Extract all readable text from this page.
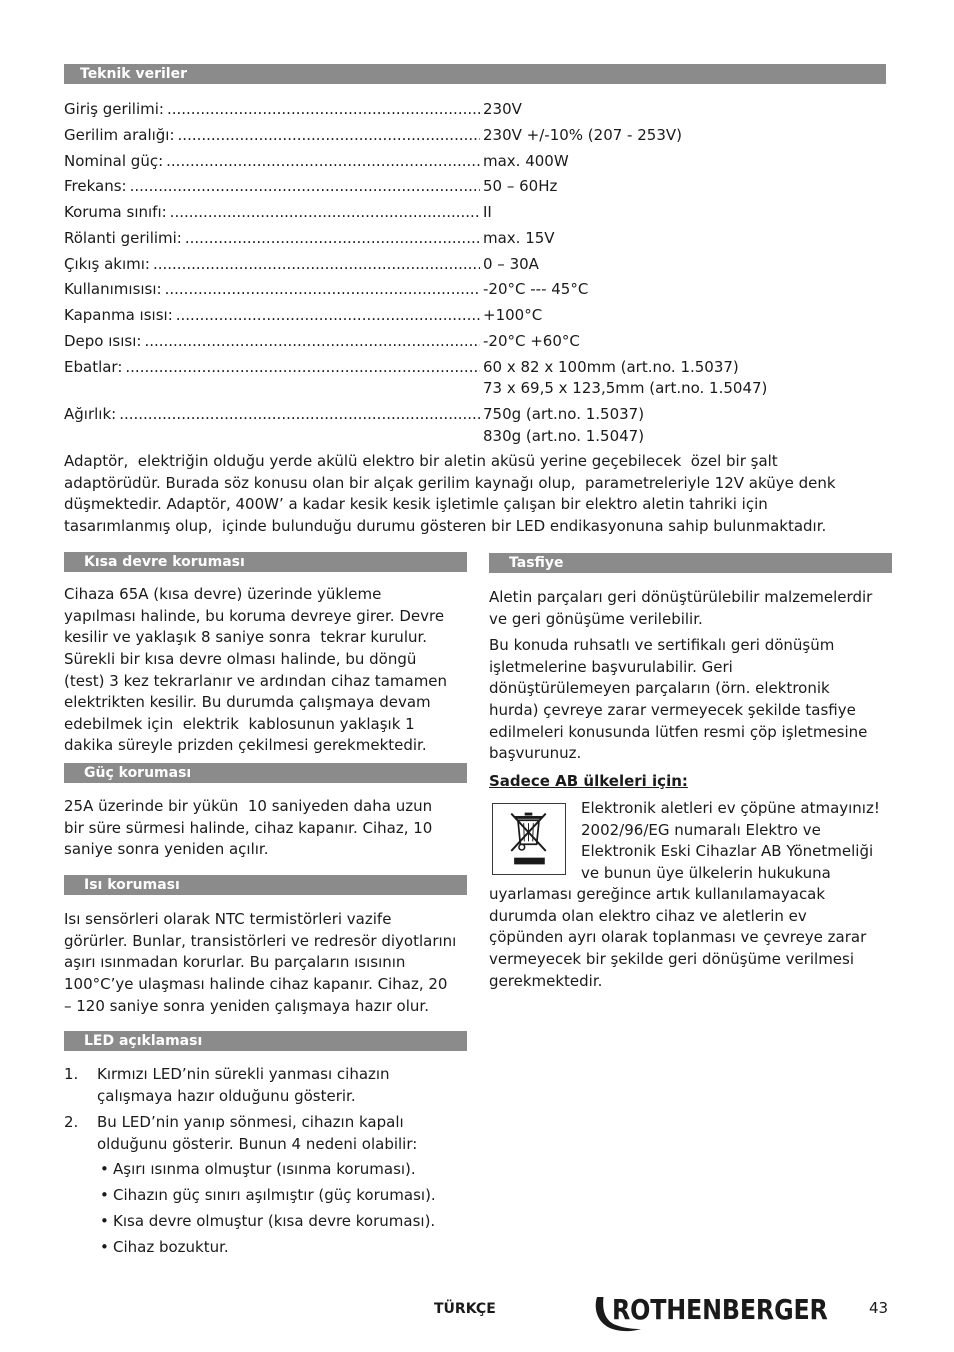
Teknik veriler
Giriş gerilimi: .....	230V
Gerilim aralığı: .....	230V +/-10% (207 - 253V)
Nominal güç: .....	max. 400W
Frekans: .....	50 – 60Hz
Koruma sınıfı: .....	II
Rölanti gerilimi: .....	max. 15V
Çıkış akımı: .....	0 – 30A
Kullanımısısı: .....	-20°C --- 45°C
Kapanma ısısı: .....	+100°C
Depo ısısı: .....	-20°C +60°C
Ebatlar: .....	60 x 82 x 100mm (art.no. 1.5037)
73 x 69,5 x 123,5mm (art.no. 1.5047)
Ağırlık: .....	750g (art.no. 1.5037)
830g (art.no. 1.5047)
Adaptör,  elektriğin olduğu yerde akülü elektro bir aletin aküsü yerine geçebilecek  özel bir şalt
adaptörüdür. Burada söz konusu olan bir alçak gerilim kaynağı olup,  parametreleriyle 12V aküye denk
düşmektedir. Adaptör, 400W’ a kadar kesik kesik işletimle çalışan bir elektro aletin tahriki için
tasarımlanmış olup,  içinde bulunduğu durumu gösteren bir LED endikasyonuna sahip bulunmaktadır.
Kısa devre koruması
Cihaza 65A (kısa devre) üzerinde yükleme
yapılması halinde, bu koruma devreye girer. Devre
kesilir ve yaklaşık 8 saniye sonra  tekrar kurulur.
Sürekli bir kısa devre olması halinde, bu döngü
(test) 3 kez tekrarlanır ve ardından cihaz tamamen
elektrikten kesilir. Bu durumda çalışmaya devam
edebilmek için  elektrik  kablosunun yaklaşık 1
dakika süreyle prizden çekilmesi gerekmektedir.
Güç koruması
25A üzerinde bir yükün  10 saniyeden daha uzun
bir süre sürmesi halinde, cihaz kapanır. Cihaz, 10
saniye sonra yeniden açılır.
Isı koruması
Isı sensörleri olarak NTC termistörleri vazife
görürler. Bunlar, transistörleri ve redresör diyotlarını
aşırı ısınmadan korurlar. Bu parçaların ısısının
100°C’ye ulaşması halinde cihaz kapanır. Cihaz, 20
– 120 saniye sonra yeniden çalışmaya hazır olur.
LED açıklaması
1.	Kırmızı LED’nin sürekli yanması cihazın
çalışmaya hazır olduğunu gösterir.
2.	Bu LED’nin yanıp sönmesi, cihazın kapalı
olduğunu gösterir. Bunun 4 nedeni olabilir:
• Aşırı ısınma olmuştur (ısınma koruması).
• Cihazın güç sınırı aşılmıştır (güç koruması).
• Kısa devre olmuştur (kısa devre koruması).
• Cihaz bozuktur.
Tasfiye
Aletin parçaları geri dönüştürülebilir malzemelerdir
ve geri gönüşüme verilebilir.
Bu konuda ruhsatlı ve sertifikalı geri dönüşüm
işletmelerine başvurulabilir. Geri
dönüştürülemeyen parçaların (örn. elektronik
hurda) çevreye zarar vermeyecek şekilde tasfiye
edilmeleri konusunda lütfen resmi çöp işletmesine
başvurunuz.
Sadece AB ülkeleri için:
Elektronik aletleri ev çöpüne atmayınız!
2002/96/EG numaralı Elektro ve
Elektronik Eski Cihazlar AB Yönetmeliği
ve bunun üye ülkelerin hukukuna
uyarlaması gereğince artık kullanılamayacak
durumda olan elektro cihaz ve aletlerin ev
çöpünden ayrı olarak toplanması ve çevreye zarar
vermeyecek bir şekilde geri dönüşüme verilmesi
gerekmektedir.
TÜRKÇE	ROTHENBERGER	43
